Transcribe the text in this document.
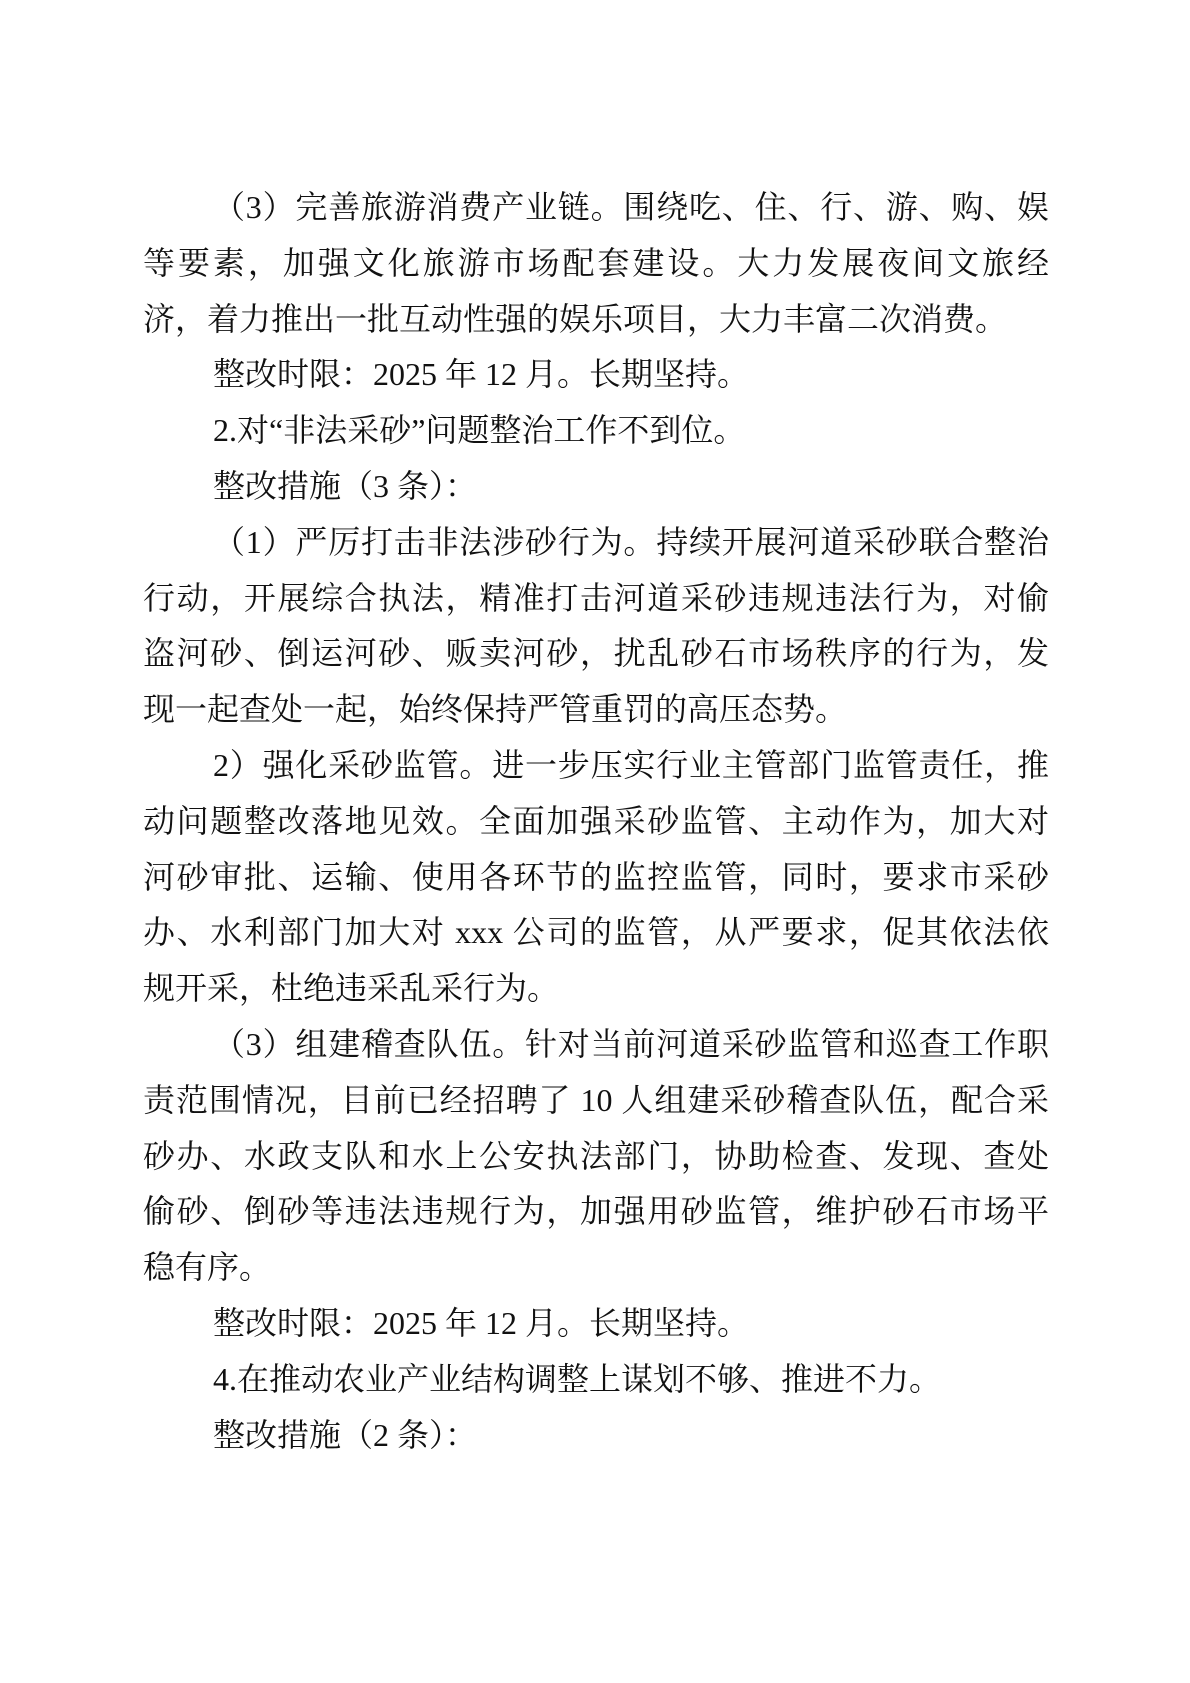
（3）完善旅游消费产业链。围绕吃、住、行、游、购、娱
等要素，加强文化旅游市场配套建设。大力发展夜间文旅经
济，着力推出一批互动性强的娱乐项目，大力丰富二次消费。
整改时限：2025 年 12 月。长期坚持。
2.对“非法采砂”问题整治工作不到位。
整改措施（3 条）：
（1）严厉打击非法涉砂行为。持续开展河道采砂联合整治
行动，开展综合执法，精准打击河道采砂违规违法行为，对偷
盗河砂、倒运河砂、贩卖河砂，扰乱砂石市场秩序的行为，发
现一起查处一起，始终保持严管重罚的高压态势。
2）强化采砂监管。进一步压实行业主管部门监管责任，推
动问题整改落地见效。全面加强采砂监管、主动作为，加大对
河砂审批、运输、使用各环节的监控监管，同时，要求市采砂
办、水利部门加大对 xxx 公司的监管，从严要求，促其依法依
规开采，杜绝违采乱采行为。
（3）组建稽查队伍。针对当前河道采砂监管和巡查工作职
责范围情况，目前已经招聘了 10 人组建采砂稽查队伍，配合采
砂办、水政支队和水上公安执法部门，协助检查、发现、查处
偷砂、倒砂等违法违规行为，加强用砂监管，维护砂石市场平
稳有序。
整改时限：2025 年 12 月。长期坚持。
4.在推动农业产业结构调整上谋划不够、推进不力。
整改措施（2 条）：
